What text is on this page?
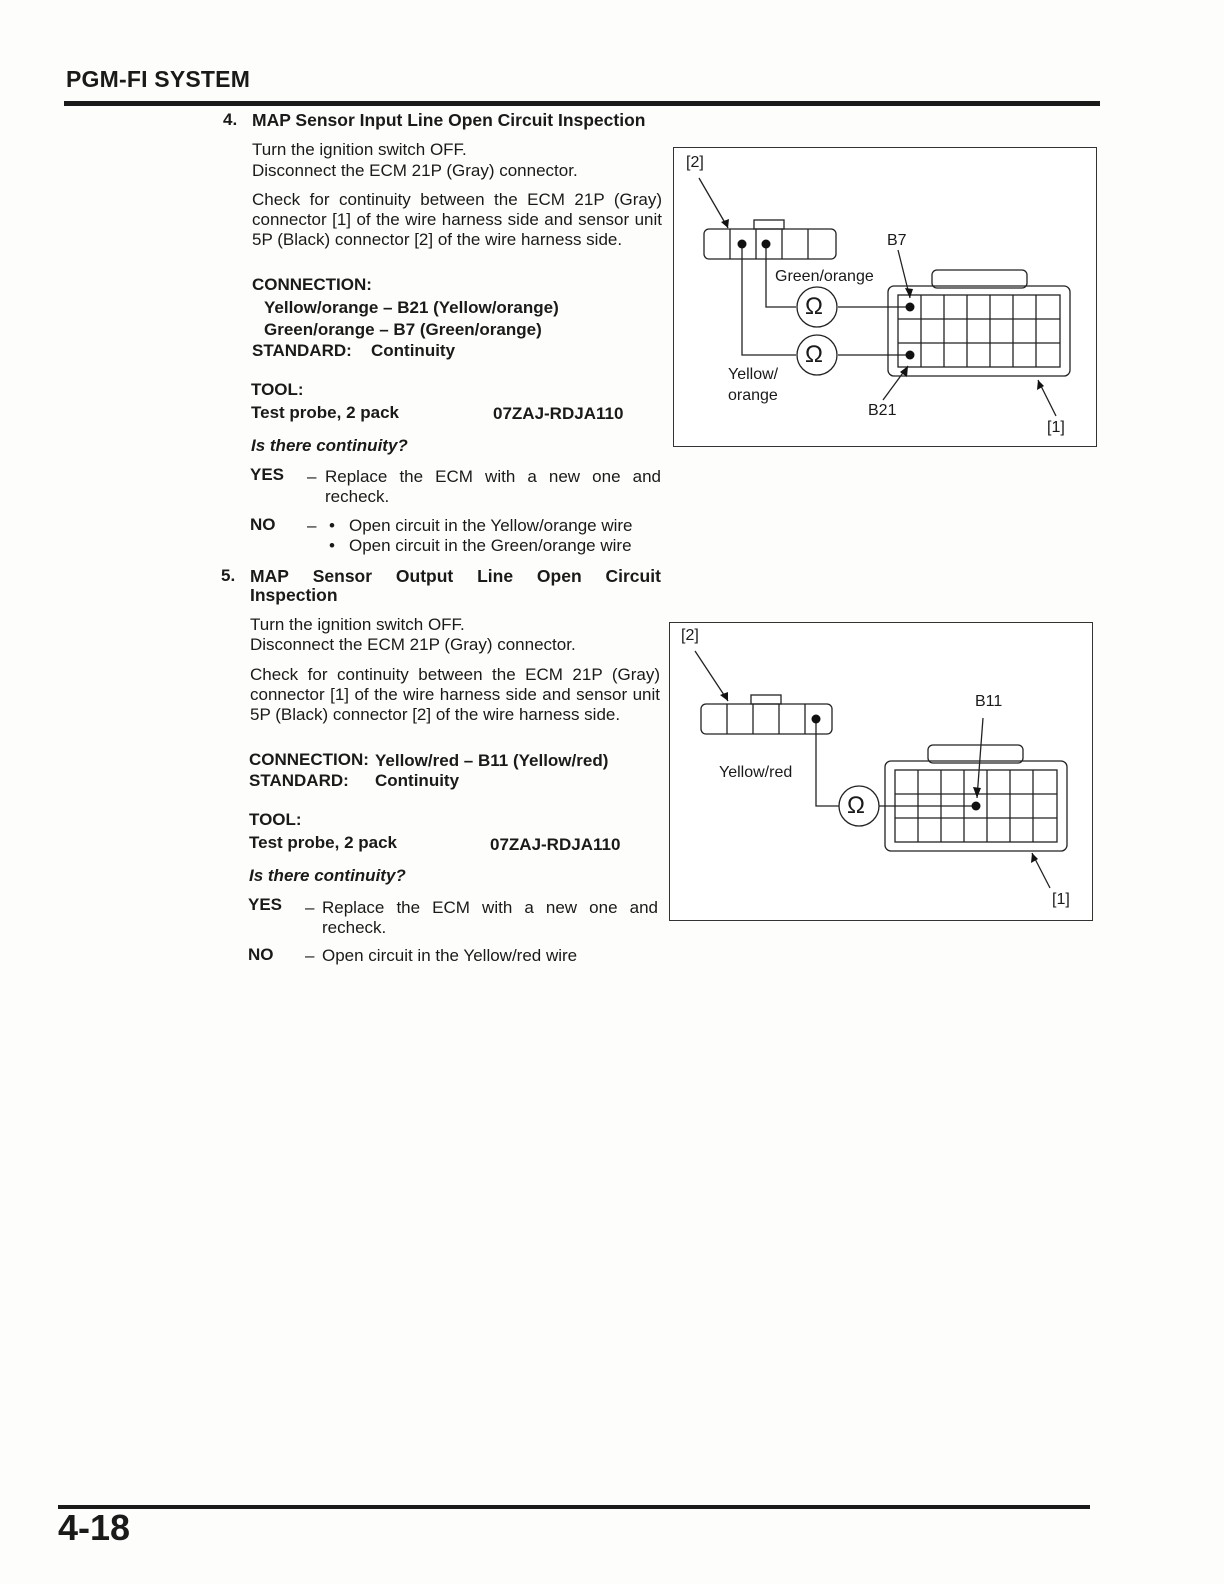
PGM-FI SYSTEM
4. MAP Sensor Input Line Open Circuit Inspection
Turn the ignition switch OFF.
Disconnect the ECM 21P (Gray) connector.
Check for continuity between the ECM 21P (Gray) connector [1] of the wire harness side and sensor unit 5P (Black) connector [2] of the wire harness side.
CONNECTION:
Yellow/orange – B21 (Yellow/orange)
Green/orange – B7 (Green/orange)
STANDARD: Continuity
TOOL:
Test probe, 2 pack	07ZAJ-RDJA110
Is there continuity?
YES – Replace the ECM with a new one and recheck.
NO – • Open circuit in the Yellow/orange wire
• Open circuit in the Green/orange wire
[2]
B7
Green/orange
Ω
Ω
Yellow/
orange
B21
[1]
5. MAP Sensor Output Line Open Circuit
Inspection
Turn the ignition switch OFF.
Disconnect the ECM 21P (Gray) connector.
Check for continuity between the ECM 21P (Gray) connector [1] of the wire harness side and sensor unit 5P (Black) connector [2] of the wire harness side.
CONNECTION: Yellow/red – B11 (Yellow/red)
STANDARD: Continuity
TOOL:
Test probe, 2 pack	07ZAJ-RDJA110
Is there continuity?
YES – Replace the ECM with a new one and recheck.
NO – Open circuit in the Yellow/red wire
[2]
B11
Yellow/red
Ω
[1]
4-18
